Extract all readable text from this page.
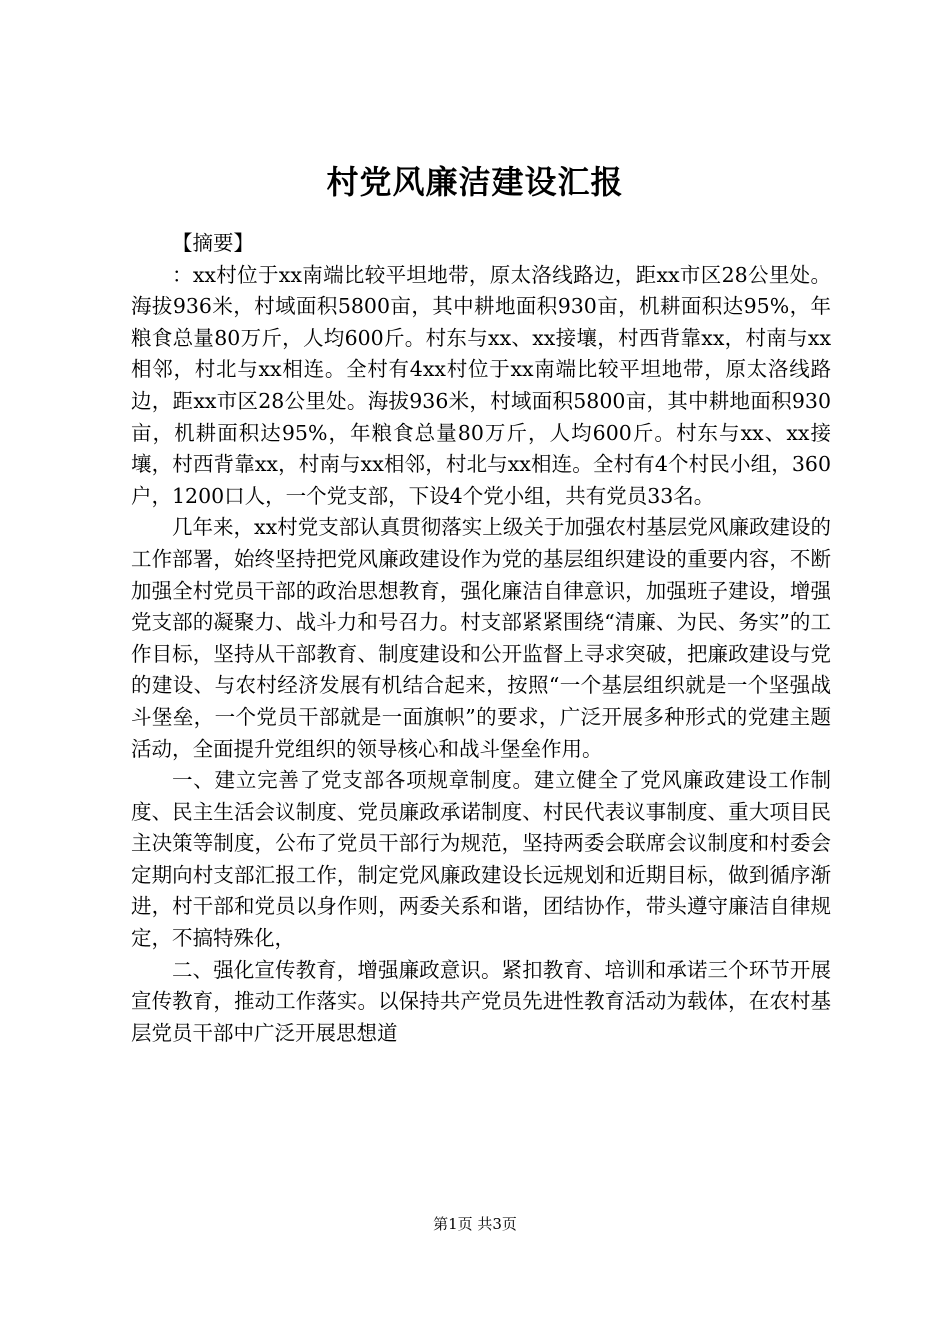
村党风廉洁建设汇报

【摘要】

：xx村位于xx南端比较平坦地带，原太洛线路边，距xx市区28公里处。海拔936米，村域面积5800亩，其中耕地面积930亩，机耕面积达95%，年粮食总量80万斤，人均600斤。村东与xx、xx接壤，村西背靠xx，村南与xx相邻，村北与xx相连。全村有4xx村位于xx南端比较平坦地带，原太洛线路边，距xx市区28公里处。海拔936米，村域面积5800亩，其中耕地面积930亩，机耕面积达95%，年粮食总量80万斤，人均600斤。村东与xx、xx接壤，村西背靠xx，村南与xx相邻，村北与xx相连。全村有4个村民小组，360户，1200口人，一个党支部，下设4个党小组，共有党员33名。

几年来，xx村党支部认真贯彻落实上级关于加强农村基层党风廉政建设的工作部署，始终坚持把党风廉政建设作为党的基层组织建设的重要内容，不断加强全村党员干部的政治思想教育，强化廉洁自律意识，加强班子建设，增强党支部的凝聚力、战斗力和号召力。村支部紧紧围绕“清廉、为民、务实”的工作目标，坚持从干部教育、制度建设和公开监督上寻求突破，把廉政建设与党的建设、与农村经济发展有机结合起来，按照“一个基层组织就是一个坚强战斗堡垒，一个党员干部就是一面旗帜”的要求，广泛开展多种形式的党建主题活动，全面提升党组织的领导核心和战斗堡垒作用。

一、建立完善了党支部各项规章制度。建立健全了党风廉政建设工作制度、民主生活会议制度、党员廉政承诺制度、村民代表议事制度、重大项目民主决策等制度，公布了党员干部行为规范，坚持两委会联席会议制度和村委会定期向村支部汇报工作，制定党风廉政建设长远规划和近期目标，做到循序渐进，村干部和党员以身作则，两委关系和谐，团结协作，带头遵守廉洁自律规定，不搞特殊化，

二、强化宣传教育，增强廉政意识。紧扣教育、培训和承诺三个环节开展宣传教育，推动工作落实。以保持共产党员先进性教育活动为载体，在农村基层党员干部中广泛开展思想道

第1页 共3页
